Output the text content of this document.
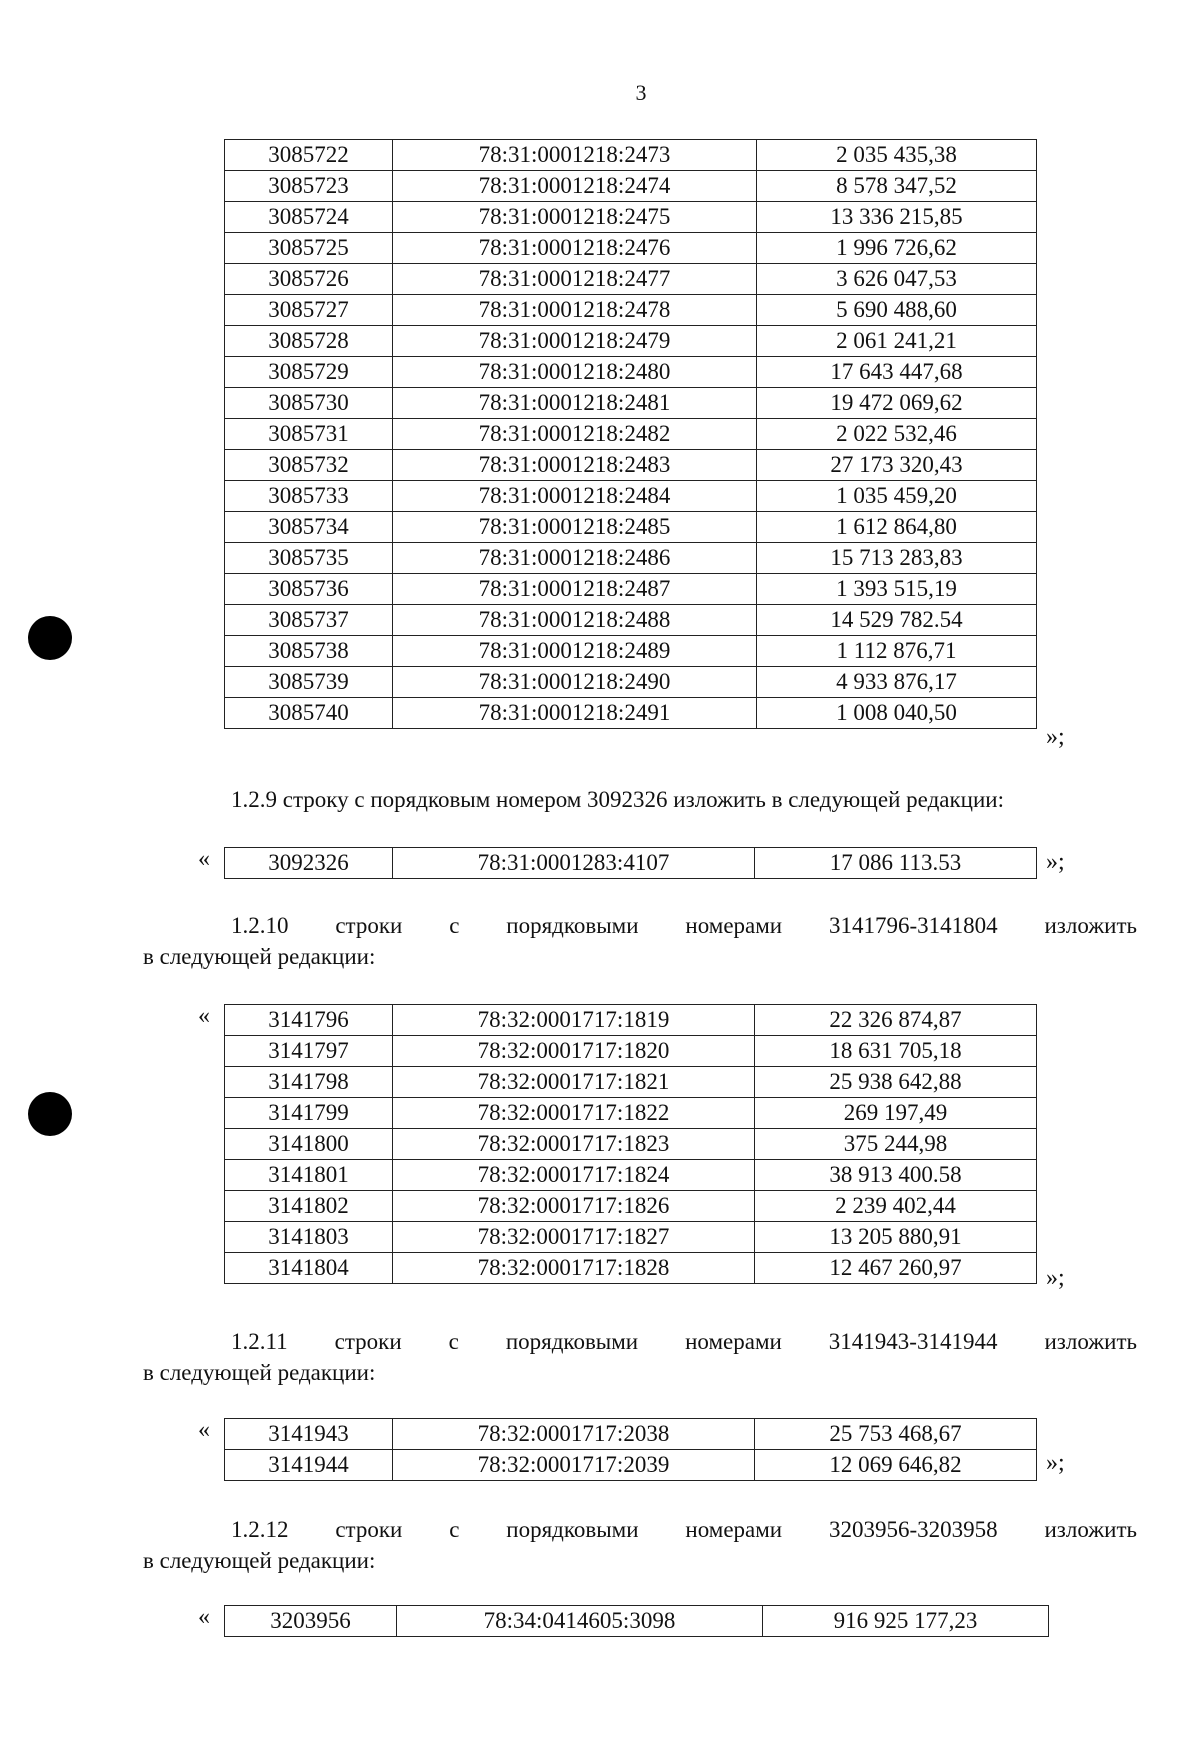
3
3085722	78:31:0001218:2473	2 035 435,38
3085723	78:31:0001218:2474	8 578 347,52
3085724	78:31:0001218:2475	13 336 215,85
3085725	78:31:0001218:2476	1 996 726,62
3085726	78:31:0001218:2477	3 626 047,53
3085727	78:31:0001218:2478	5 690 488,60
3085728	78:31:0001218:2479	2 061 241,21
3085729	78:31:0001218:2480	17 643 447,68
3085730	78:31:0001218:2481	19 472 069,62
3085731	78:31:0001218:2482	2 022 532,46
3085732	78:31:0001218:2483	27 173 320,43
3085733	78:31:0001218:2484	1 035 459,20
3085734	78:31:0001218:2485	1 612 864,80
3085735	78:31:0001218:2486	15 713 283,83
3085736	78:31:0001218:2487	1 393 515,19
3085737	78:31:0001218:2488	14 529 782.54
3085738	78:31:0001218:2489	1 112 876,71
3085739	78:31:0001218:2490	4 933 876,17
3085740	78:31:0001218:2491	1 008 040,50
»;
1.2.9 строку с порядковым номером 3092326 изложить в следующей редакции:
«	3092326	78:31:0001283:4107	17 086 113.53	»;
1.2.10 строки с порядковыми номерами 3141796-3141804 изложить
в следующей редакции:
«	3141796	78:32:0001717:1819	22 326 874,87
3141797	78:32:0001717:1820	18 631 705,18
3141798	78:32:0001717:1821	25 938 642,88
3141799	78:32:0001717:1822	269 197,49
3141800	78:32:0001717:1823	375 244,98
3141801	78:32:0001717:1824	38 913 400.58
3141802	78:32:0001717:1826	2 239 402,44
3141803	78:32:0001717:1827	13 205 880,91
3141804	78:32:0001717:1828	12 467 260,97	»;
1.2.11 строки с порядковыми номерами 3141943-3141944 изложить
в следующей редакции:
«	3141943	78:32:0001717:2038	25 753 468,67
3141944	78:32:0001717:2039	12 069 646,82	»;
1.2.12 строки с порядковыми номерами 3203956-3203958 изложить
в следующей редакции:
«	3203956	78:34:0414605:3098	916 925 177,23
